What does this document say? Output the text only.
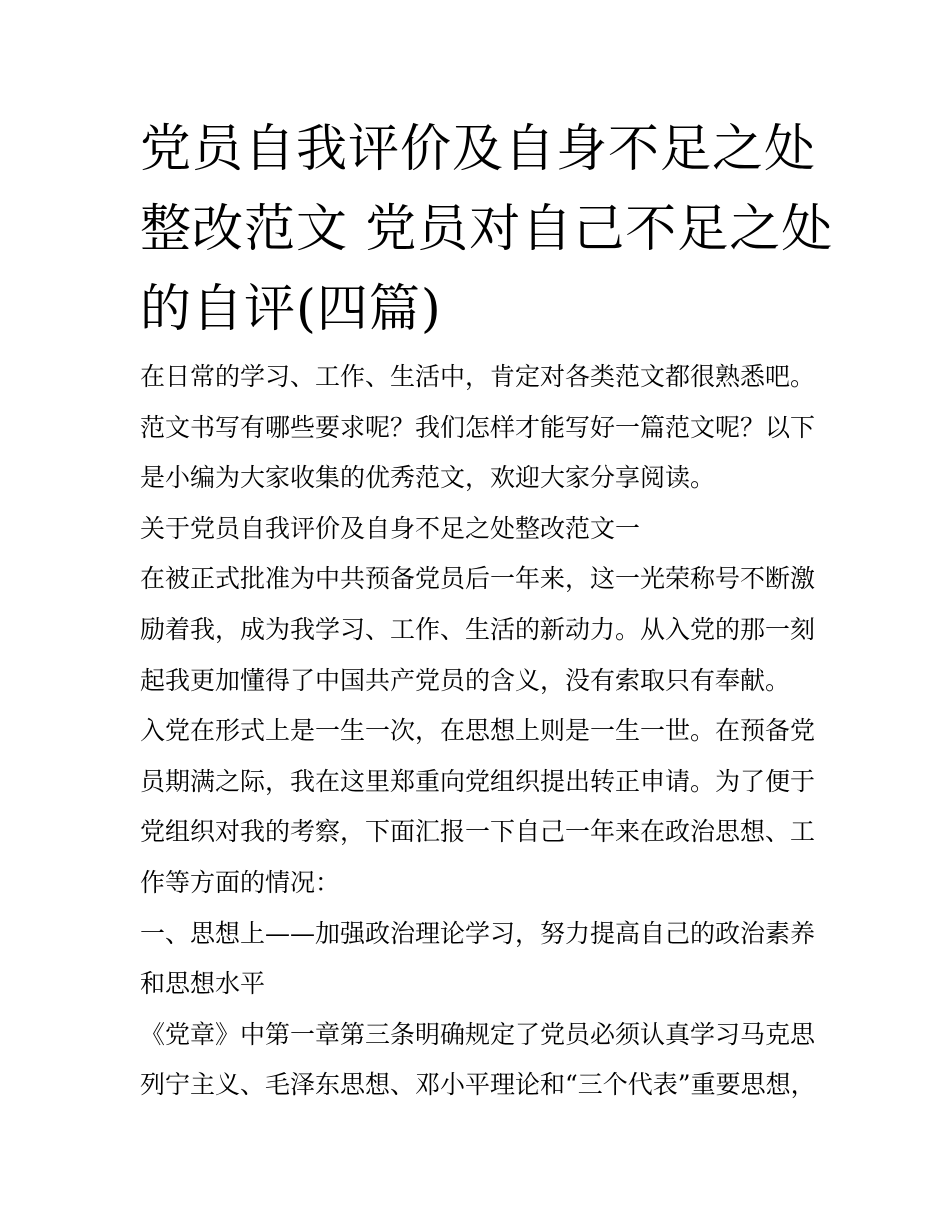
党员自我评价及自身不足之处
整改范文 党员对自己不足之处
的自评(四篇)
在日常的学习、工作、生活中，肯定对各类范文都很熟悉吧。
范文书写有哪些要求呢？我们怎样才能写好一篇范文呢？以下
是小编为大家收集的优秀范文，欢迎大家分享阅读。
关于党员自我评价及自身不足之处整改范文一
在被正式批准为中共预备党员后一年来，这一光荣称号不断激
励着我，成为我学习、工作、生活的新动力。从入党的那一刻
起我更加懂得了中国共产党员的含义，没有索取只有奉献。
入党在形式上是一生一次，在思想上则是一生一世。在预备党
员期满之际，我在这里郑重向党组织提出转正申请。为了便于
党组织对我的考察，下面汇报一下自己一年来在政治思想、工
作等方面的情况：
一、思想上——加强政治理论学习，努力提高自己的政治素养
和思想水平
《党章》中第一章第三条明确规定了党员必须认真学习马克思
列宁主义、毛泽东思想、邓小平理论和“三个代表”重要思想，
